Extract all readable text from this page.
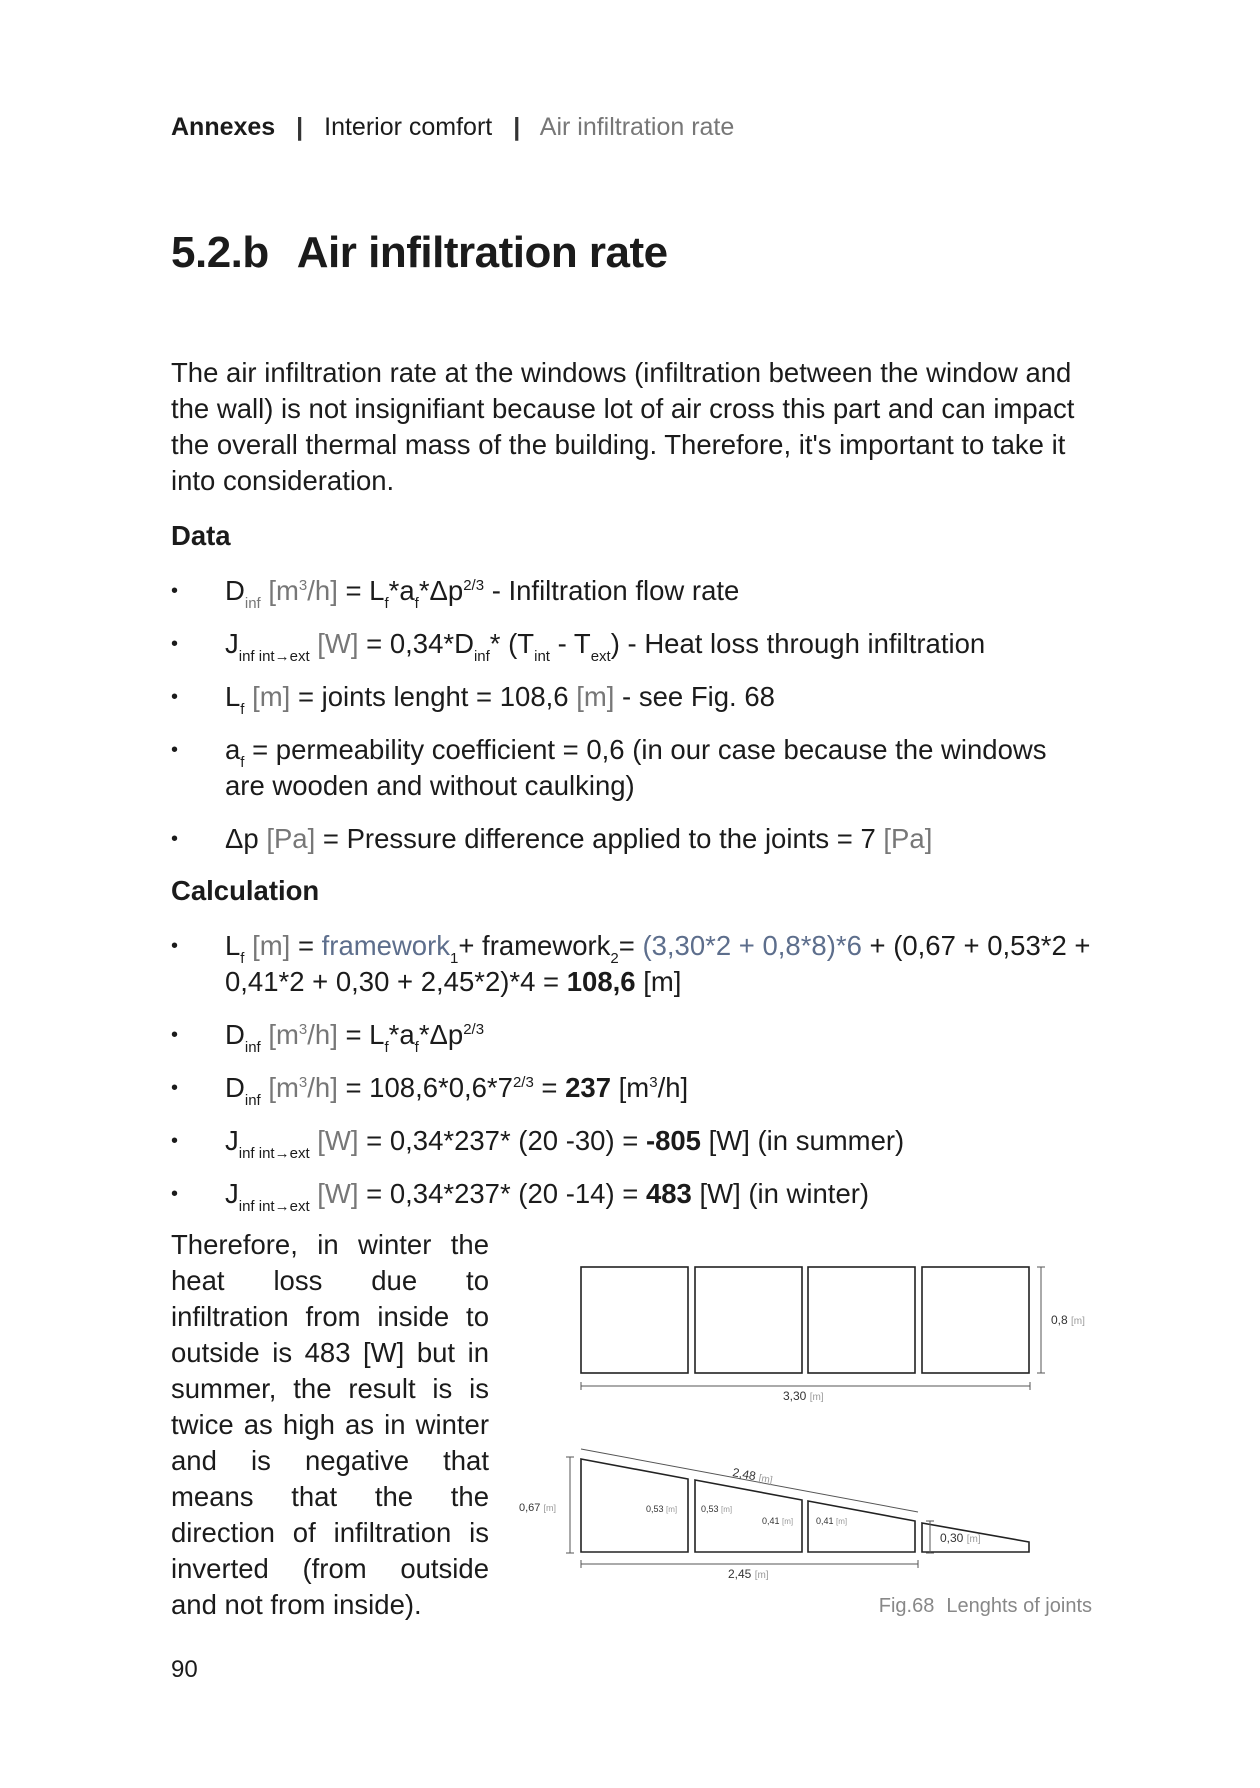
Annexes | Interior comfort | Air infiltration rate
5.2.b Air infiltration rate

The air infiltration rate at the windows (infiltration between the window and the wall) is not insignifiant because lot of air cross this part and can impact the overall thermal mass of the building. Therefore, it's important to take it into consideration.

Data
• $D_{inf}$ $[m^3/h] = L_f*a_f*\Delta p^{2/3}$ - Infiltration flow rate
• $J_{inf int\to ext}$ $[W] = 0,34*D_{inf}*$ $(T_{int} - T_{ext})$ - Heat loss through infiltration
• $L_f$ [m] = joints lenght = 108,6 [m] - see Fig. 68
• $a_f$ = permeability coefficient = 0,6 (in our case because the windows are wooden and without caulking)
• Δp [Pa] = Pressure difference applied to the joints = 7 [Pa]
Calculation
• $L_f$ [m] = framework$_1$+ framework$_2$= (3,30*2 + 0,8*8)*6 + (0,67 + 0,53*2 + 0,41*2 + 0,30 + 2,45*2)*4 = 108,6 [m]
• $D_{inf}$ $[m^3/h] = L_f*a_f*\Delta p^{2/3}$
• $D_{inf}$ $[m^3/h] = 108,6*0,6*7^{2/3} = 237$ $[m^3/h]$
• $J_{inf int\to ext}$ [W] = 0,34*237* (20 -30) = -805 [W] (in summer)
• $J_{inf int\to ext}$ [W] = 0,34*237* (20 -14) = 483 [W] (in winter)

Therefore, in winter the heat loss due to infiltration from inside to outside is 483 [W] but in summer, the result is is twice as high as in winter and is negative that means that the the direction of infiltration is inverted (from outside and not from inside).

3,30 [m]
0,8 [m]
2,48 [m]
0,67 [m]	0,53 [m]	0,53 [m]
0,41 [m]	0,41 [m]
0,30 [m]
2,45 [m]
Fig.68 Lenghts of joints
90
